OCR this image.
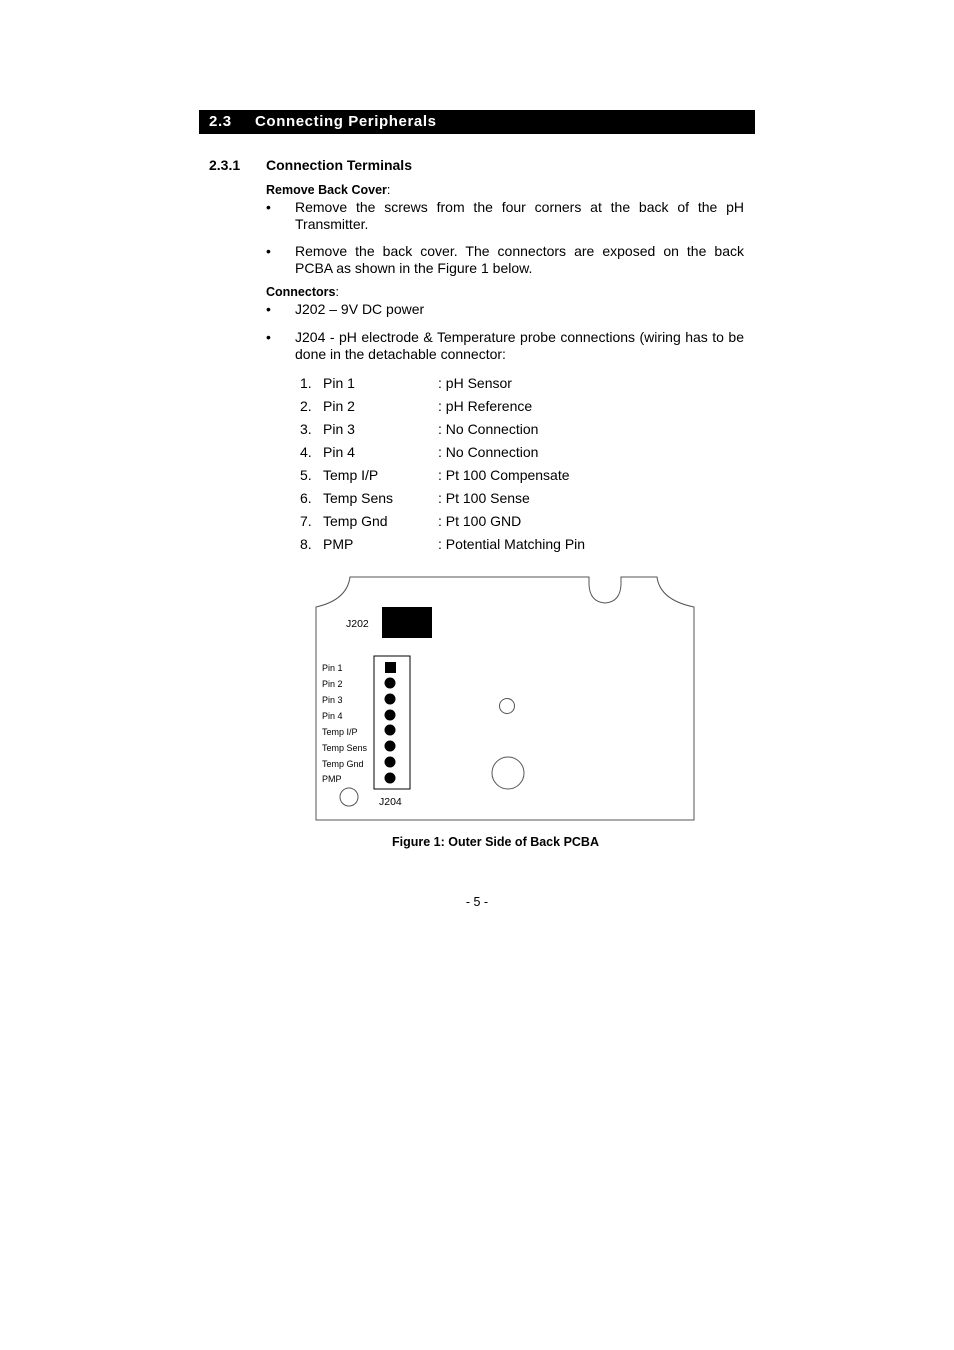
2.3 Connecting Peripherals
2.3.1 Connection Terminals
Remove Back Cover:
• Remove the screws from the four corners at the back of the pH Transmitter.
• Remove the back cover. The connectors are exposed on the back PCBA as shown in the Figure 1 below.
Connectors:
• J202 – 9V DC power
• J204 - pH electrode & Temperature probe connections (wiring has to be done in the detachable connector:
1. Pin 1	: pH Sensor
2. Pin 2	: pH Reference
3. Pin 3	: No Connection
4. Pin 4	: No Connection
5. Temp I/P	: Pt 100 Compensate
6. Temp Sens	: Pt 100 Sense
7. Temp Gnd	: Pt 100 GND
8. PMP	: Potential Matching Pin
J202
Pin 1
Pin 2
Pin 3
Pin 4
Temp I/P
Temp Sens
Temp Gnd
PMP
J204
Figure 1: Outer Side of Back PCBA
- 5 -
